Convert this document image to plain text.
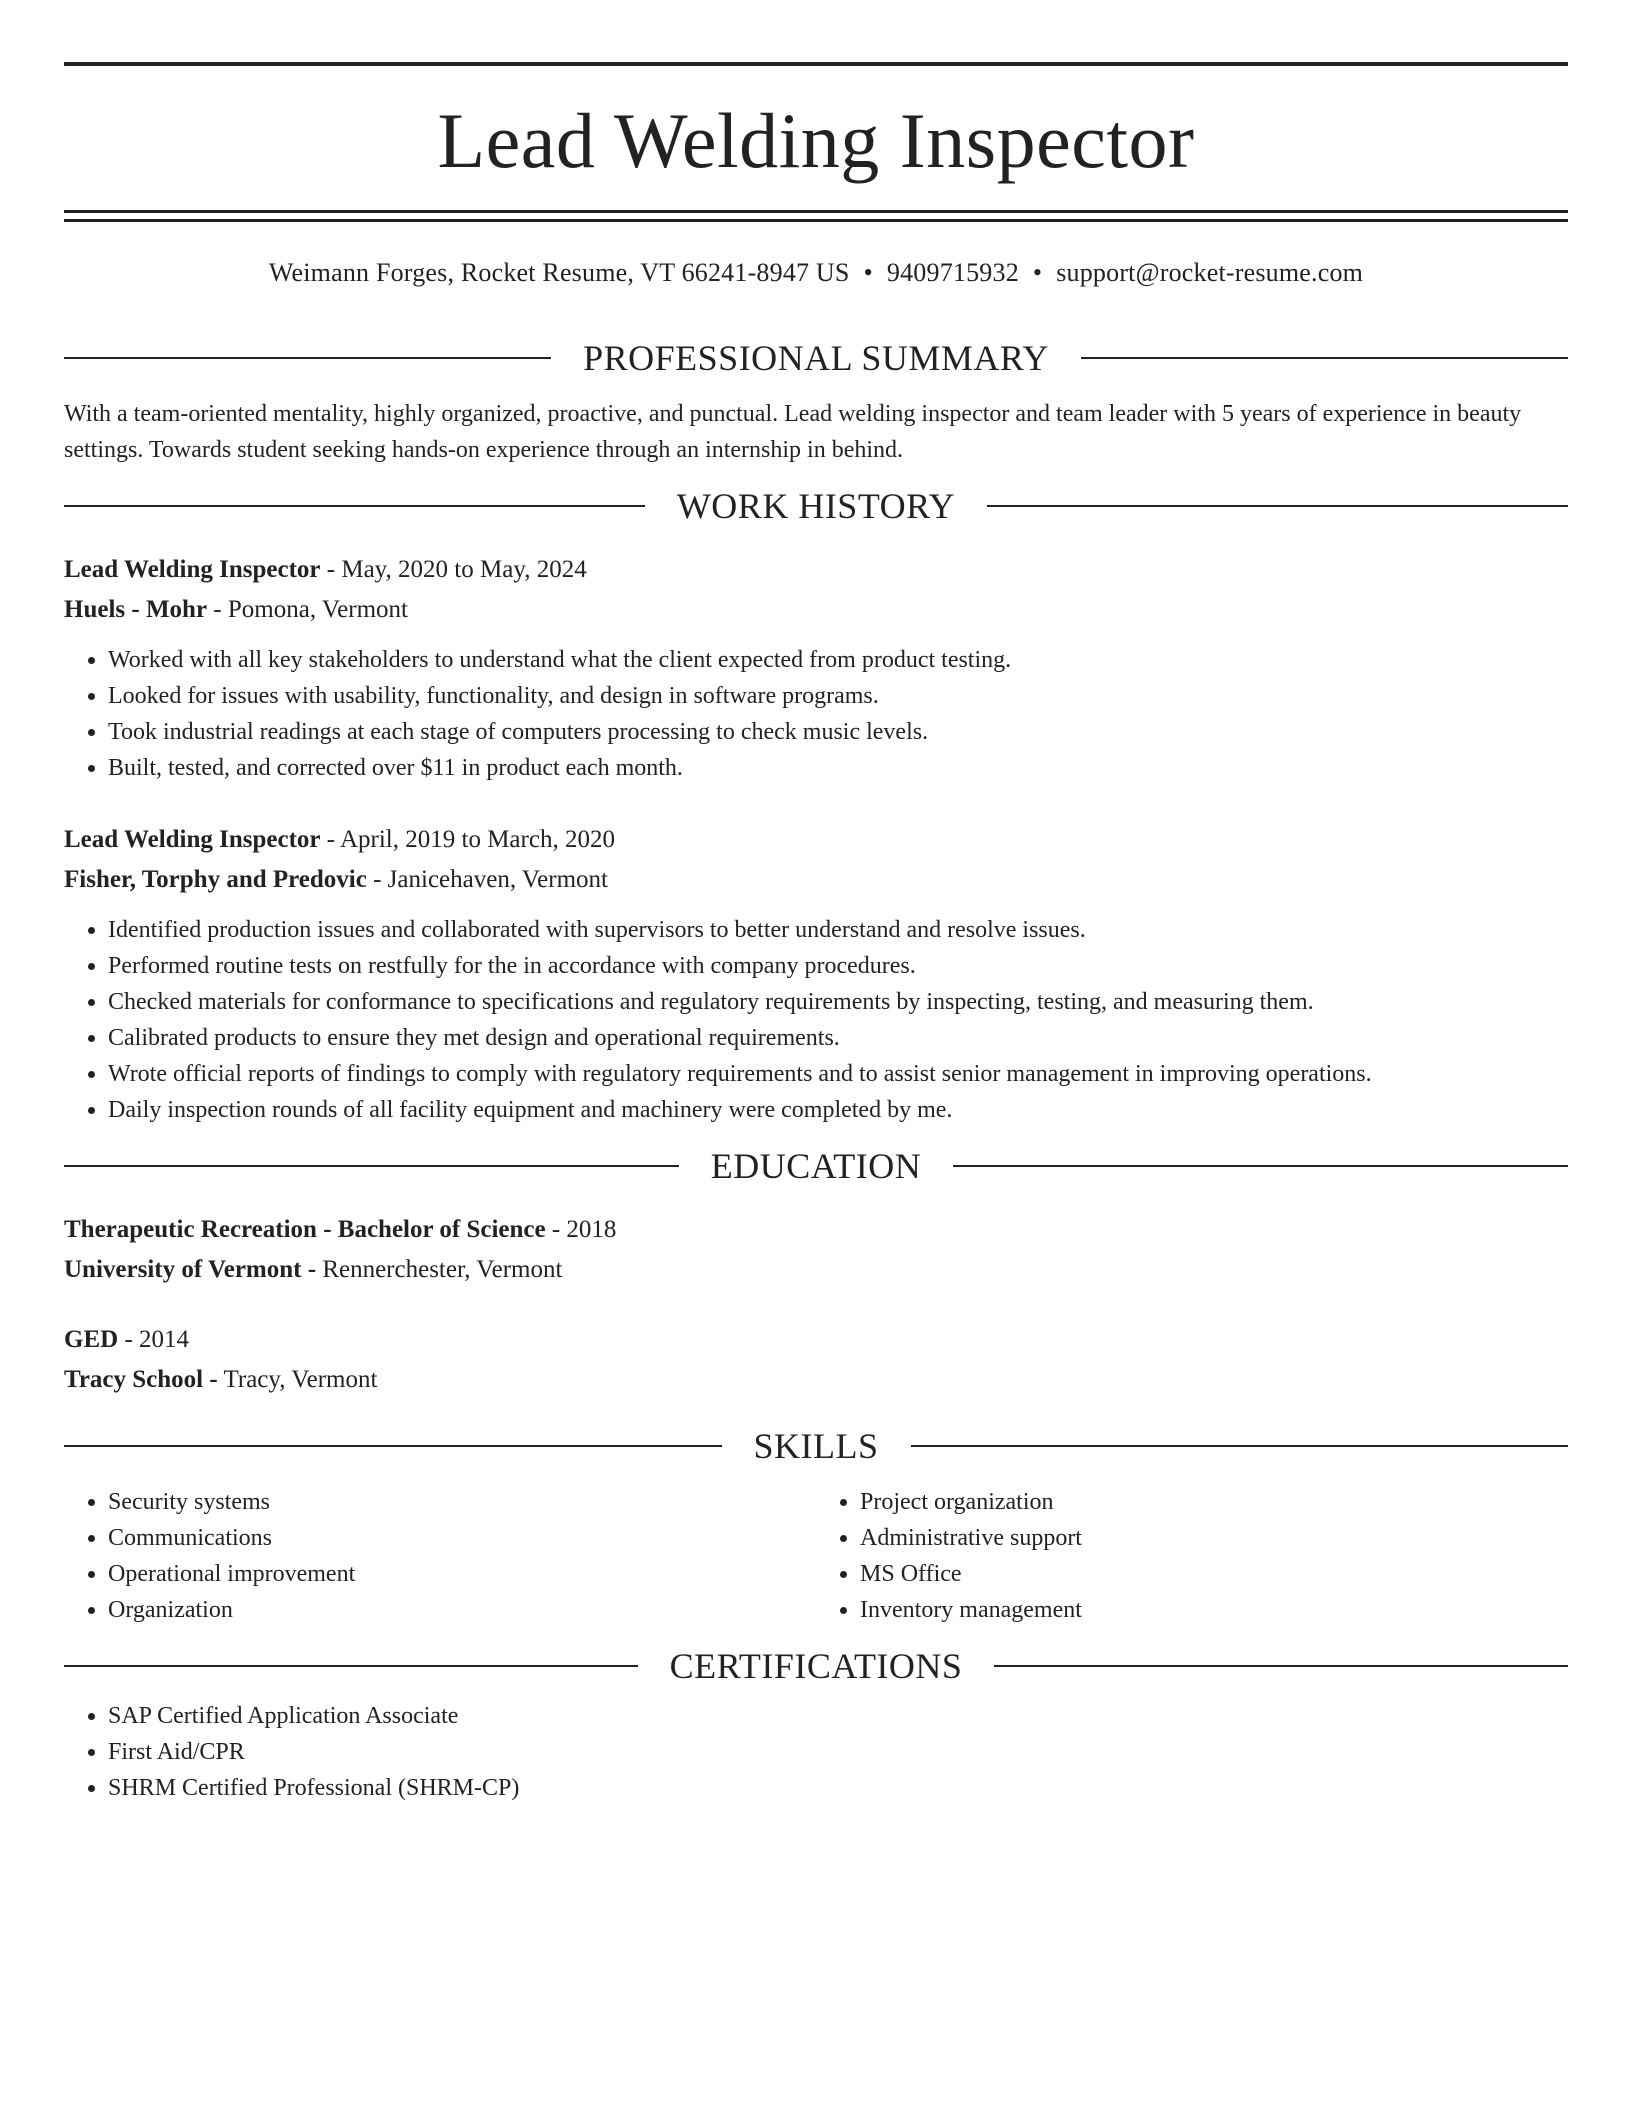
Lead Welding Inspector
Weimann Forges, Rocket Resume, VT 66241-8947 US • 9409715932 • support@rocket-resume.com
PROFESSIONAL SUMMARY
With a team-oriented mentality, highly organized, proactive, and punctual. Lead welding inspector and team leader with 5 years of experience in beauty settings. Towards student seeking hands-on experience through an internship in behind.
WORK HISTORY
Lead Welding Inspector - May, 2020 to May, 2024
Huels - Mohr - Pomona, Vermont
• Worked with all key stakeholders to understand what the client expected from product testing.
• Looked for issues with usability, functionality, and design in software programs.
• Took industrial readings at each stage of computers processing to check music levels.
• Built, tested, and corrected over $11 in product each month.
Lead Welding Inspector - April, 2019 to March, 2020
Fisher, Torphy and Predovic - Janicehaven, Vermont
• Identified production issues and collaborated with supervisors to better understand and resolve issues.
• Performed routine tests on restfully for the in accordance with company procedures.
• Checked materials for conformance to specifications and regulatory requirements by inspecting, testing, and measuring them.
• Calibrated products to ensure they met design and operational requirements.
• Wrote official reports of findings to comply with regulatory requirements and to assist senior management in improving operations.
• Daily inspection rounds of all facility equipment and machinery were completed by me.
EDUCATION
Therapeutic Recreation - Bachelor of Science - 2018
University of Vermont - Rennerchester, Vermont
GED - 2014
Tracy School - Tracy, Vermont
SKILLS
• Security systems
• Communications
• Operational improvement
• Organization
• Project organization
• Administrative support
• MS Office
• Inventory management
CERTIFICATIONS
• SAP Certified Application Associate
• First Aid/CPR
• SHRM Certified Professional (SHRM-CP)
